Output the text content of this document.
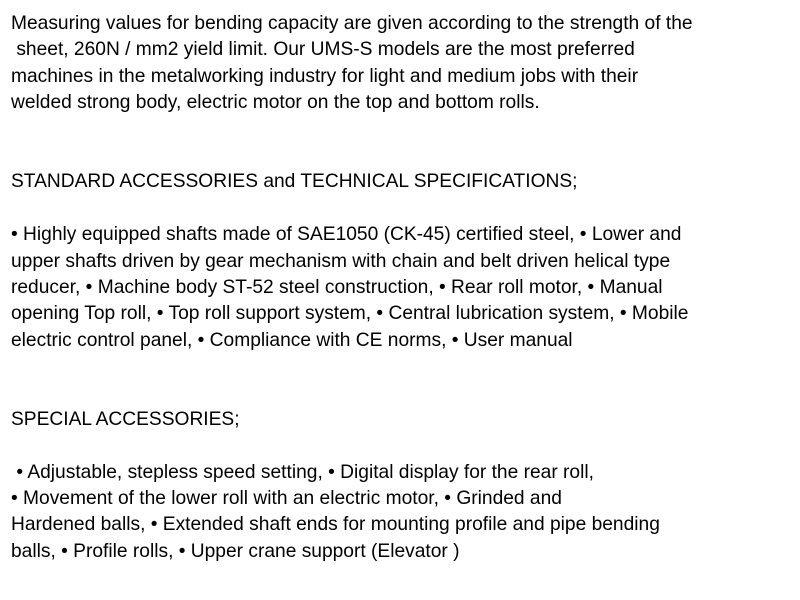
Measuring values for bending capacity are given according to the strength of the
sheet, 260N / mm2 yield limit. Our UMS-S models are the most preferred
machines in the metalworking industry for light and medium jobs with their
welded strong body, electric motor on the top and bottom rolls.
STANDARD ACCESSORIES and TECHNICAL SPECIFICATIONS;
• Highly equipped shafts made of SAE1050 (CK-45) certified steel, • Lower and
upper shafts driven by gear mechanism with chain and belt driven helical type
reducer, • Machine body ST-52 steel construction, • Rear roll motor, • Manual
opening Top roll, • Top roll support system, • Central lubrication system, • Mobile
electric control panel, • Compliance with CE norms, • User manual
SPECIAL ACCESSORIES;
• Adjustable, stepless speed setting, • Digital display for the rear roll,
• Movement of the lower roll with an electric motor, • Grinded and
Hardened balls, • Extended shaft ends for mounting profile and pipe bending
balls, • Profile rolls, • Upper crane support (Elevator )
